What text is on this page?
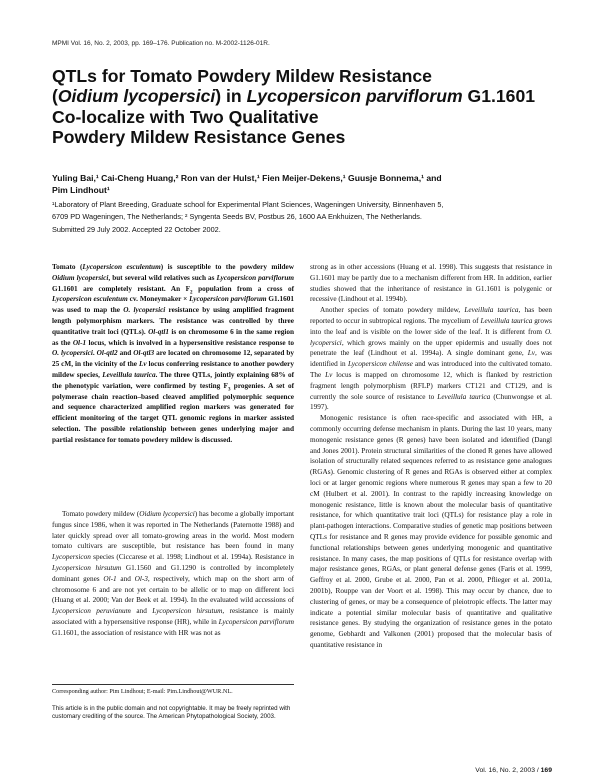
MPMI Vol. 16, No. 2, 2003, pp. 169–176. Publication no. M-2002-1126-01R.
QTLs for Tomato Powdery Mildew Resistance
(Oidium lycopersici) in Lycopersicon parviflorum G1.1601
Co-localize with Two Qualitative
Powdery Mildew Resistance Genes
Yuling Bai,¹ Cai-Cheng Huang,² Ron van der Hulst,¹ Fien Meijer-Dekens,¹ Guusje Bonnema,¹ and
Pim Lindhout¹
¹Laboratory of Plant Breeding, Graduate school for Experimental Plant Sciences, Wageningen University, Binnenhaven 5,
6709 PD Wageningen, The Netherlands; ² Syngenta Seeds BV, Postbus 26, 1600 AA Enkhuizen, The Netherlands.
Submitted 29 July 2002. Accepted 22 October 2002.
Tomato (Lycopersicon esculentum) is susceptible to the powdery mildew Oidium lycopersici, but several wild relatives such as Lycopersicon parviflorum G1.1601 are completely resistant. An $F_2$ population from a cross of Lycopersicon esculentum cv. Moneymaker × Lycopersicon parviflorum G1.1601 was used to map the O. lycopersici resistance by using amplified fragment length polymorphism markers. The resistance was controlled by three quantitative trait loci (QTLs). Ol-qtl1 is on chromosome 6 in the same region as the Ol-1 locus, which is involved in a hypersensitive resistance response to O. lycopersici. Ol-qtl2 and Ol-qtl3 are located on chromosome 12, separated by 25 cM, in the vicinity of the Lv locus conferring resistance to another powdery mildew species, Leveillula taurica. The three QTLs, jointly explaining 68% of the phenotypic variation, were confirmed by testing $F_3$ progenies. A set of polymerase chain reaction–based cleaved amplified polymorphic sequence and sequence characterized amplified region markers was generated for efficient monitoring of the target QTL genomic regions in marker assisted selection. The possible relationship between genes underlying major and partial resistance for tomato powdery mildew is discussed.

Tomato powdery mildew (Oidium lycopersici) has become a globally important fungus since 1986, when it was reported in The Netherlands (Paternotte 1988) and later quickly spread over all tomato-growing areas in the world. Most modern tomato cultivars are susceptible, but resistance has been found in many Lycopersicon species (Ciccarese et al. 1998; Lindhout et al. 1994a). Resistance in Lycopersicon hirsutum G1.1560 and G1.1290 is controlled by incompletely dominant genes Ol-1 and Ol-3, respectively, which map on the short arm of chromosome 6 and are not yet certain to be allelic or to map on different loci (Huang et al. 2000; Van der Beek et al. 1994). In the evaluated wild accessions of Lycopersicon peruvianum and Lycopersicon hirsutum, resistance is mainly associated with a hypersensitive response (HR), while in Lycopersicon parviflorum G1.1601, the association of resistance with HR was not as

Corresponding author: Pim Lindhout; E-mail: Pim.Lindhout@WUR.NL.
This article is in the public domain and not copyrightable. It may be freely reprinted with customary crediting of the source. The American Phytopathological Society, 2003.

strong as in other accessions (Huang et al. 1998). This suggests that resistance in G1.1601 may be partly due to a mechanism different from HR. In addition, earlier studies showed that the inheritance of resistance in G1.1601 is polygenic or recessive (Lindhout et al. 1994b).

Another species of tomato powdery mildew, Leveillula taurica, has been reported to occur in subtropical regions. The mycelium of Leveillula taurica grows into the leaf and is visible on the lower side of the leaf. It is different from O. lycopersici, which grows mainly on the upper epidermis and usually does not penetrate the leaf (Lindhout et al. 1994a). A single dominant gene, Lv, was identified in Lycopersicon chilense and was introduced into the cultivated tomato. The Lv locus is mapped on chromosome 12, which is flanked by restriction fragment length polymorphism (RFLP) markers CT121 and CT129, and is currently the sole source of resistance to Leveillula taurica (Chunwongse et al. 1997).

Monogenic resistance is often race-specific and associated with HR, a commonly occurring defense mechanism in plants. During the last 10 years, many monogenic resistance genes (R genes) have been isolated and identified (Dangl and Jones 2001). Protein structural similarities of the cloned R genes have allowed isolation of structurally related sequences referred to as resistance gene analogues (RGAs). Genomic clustering of R genes and RGAs is observed either at complex loci or at larger genomic regions where numerous R genes may span a few to 20 cM (Hulbert et al. 2001). In contrast to the rapidly increasing knowledge on monogenic resistance, little is known about the molecular basis of quantitative resistance, for which quantitative trait loci (QTLs) for resistance play a role in plant-pathogen interactions. Comparative studies of genetic map positions between QTLs for resistance and R genes may provide evidence for possible genomic and functional relationships between genes underlying monogenic and quantitative resistance. In many cases, the map positions of QTLs for resistance overlap with major resistance genes, RGAs, or plant general defense genes (Faris et al. 1999, Geffroy et al. 2000, Grube et al. 2000, Pan et al. 2000, Pflieger et al. 2001a, 2001b), Rouppe van der Voort et al. 1998). This may occur by chance, due to clustering of genes, or may be a consequence of pleiotropic effects. The latter may indicate a potential similar molecular basis of quantitative and qualitative resistance genes. By studying the organization of resistance genes in the potato genome, Gebhardt and Valkonen (2001) proposed that the molecular basis of quantitative resistance in

Vol. 16, No. 2, 2003 / 169
